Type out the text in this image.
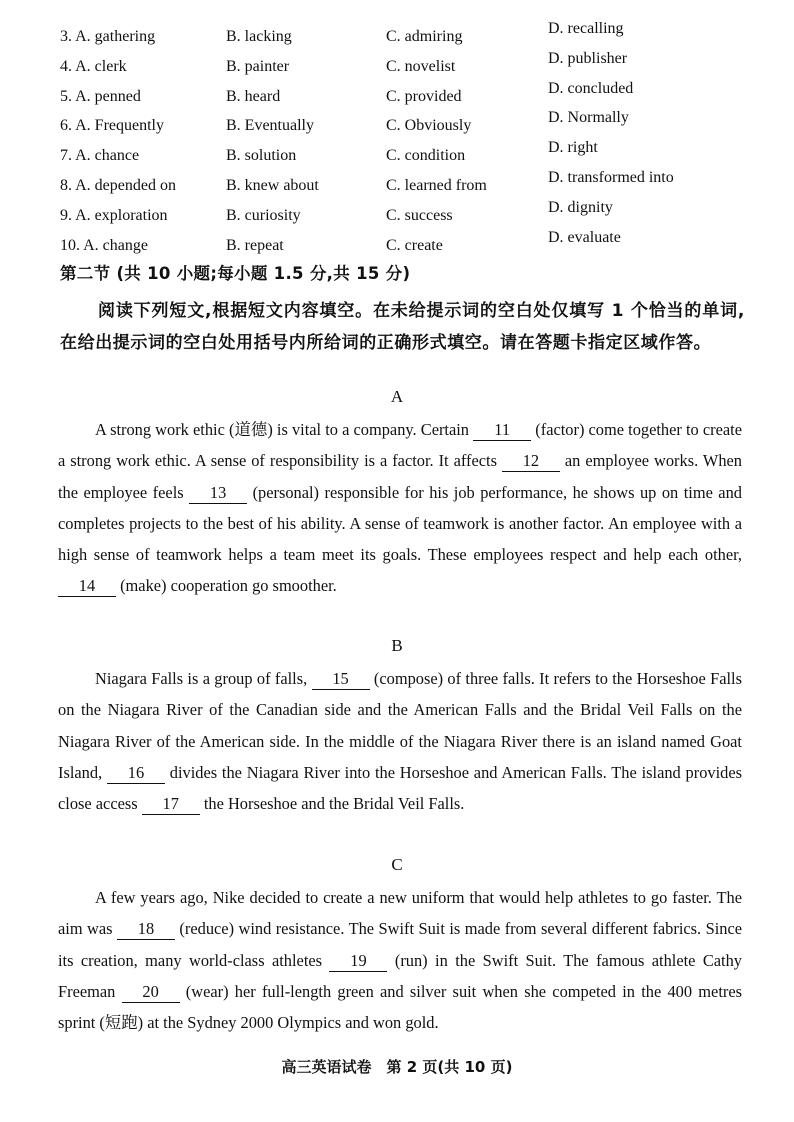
3. A. gathering	B. lacking	C. admiring	D. recalling
4. A. clerk	B. painter	C. novelist	D. publisher
5. A. penned	B. heard	C. provided	D. concluded
6. A. Frequently	B. Eventually	C. Obviously	D. Normally
7. A. chance	B. solution	C. condition	D. right
8. A. depended on	B. knew about	C. learned from	D. transformed into
9. A. exploration	B. curiosity	C. success	D. dignity
10. A. change	B. repeat	C. create	D. evaluate
第二节 (共 10 小题;每小题 1.5 分,共 15 分)
阅读下列短文,根据短文内容填空。在未给提示词的空白处仅填写 1 个恰当的单词,在给出提示词的空白处用括号内所给词的正确形式填空。请在答题卡指定区域作答。
A
A strong work ethic (道德) is vital to a company. Certain 11 (factor) come together to create a strong work ethic. A sense of responsibility is a factor. It affects 12 an employee works. When the employee feels 13 (personal) responsible for his job performance, he shows up on time and completes projects to the best of his ability. A sense of teamwork is another factor. An employee with a high sense of teamwork helps a team meet its goals. These employees respect and help each other, 14 (make) cooperation go smoother.
B
Niagara Falls is a group of falls, 15 (compose) of three falls. It refers to the Horseshoe Falls on the Niagara River of the Canadian side and the American Falls and the Bridal Veil Falls on the Niagara River of the American side. In the middle of the Niagara River there is an island named Goat Island, 16 divides the Niagara River into the Horseshoe and American Falls. The island provides close access 17 the Horseshoe and the Bridal Veil Falls.
C
A few years ago, Nike decided to create a new uniform that would help athletes to go faster. The aim was 18 (reduce) wind resistance. The Swift Suit is made from several different fabrics. Since its creation, many world-class athletes 19 (run) in the Swift Suit. The famous athlete Cathy Freeman 20 (wear) her full-length green and silver suit when she competed in the 400 metres sprint (短跑) at the Sydney 2000 Olympics and won gold.
高三英语试卷　第 2 页(共 10 页)
